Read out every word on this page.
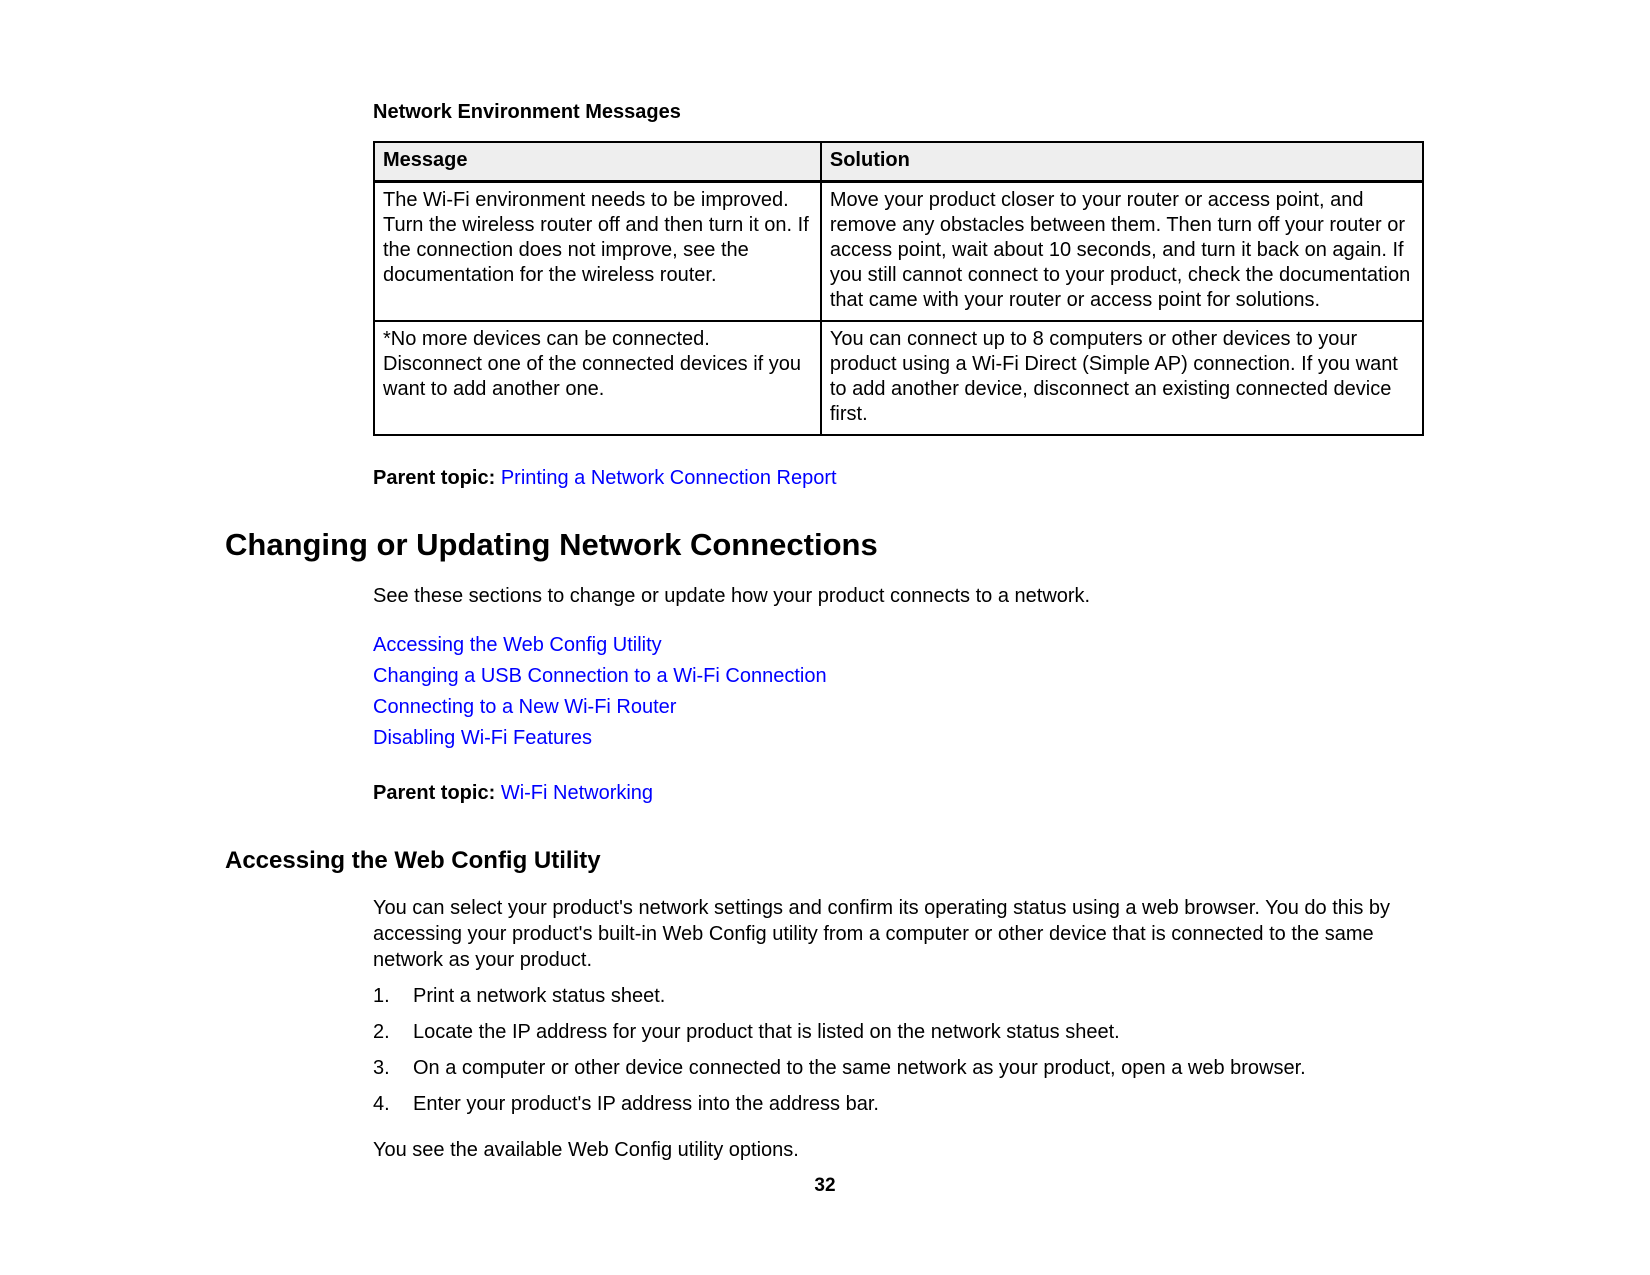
Network Environment Messages
Message	Solution
The Wi-Fi environment needs to be improved. Turn the wireless router off and then turn it on. If the connection does not improve, see the documentation for the wireless router.	Move your product closer to your router or access point, and remove any obstacles between them. Then turn off your router or access point, wait about 10 seconds, and turn it back on again. If you still cannot connect to your product, check the documentation that came with your router or access point for solutions.
*No more devices can be connected. Disconnect one of the connected devices if you want to add another one.	You can connect up to 8 computers or other devices to your product using a Wi-Fi Direct (Simple AP) connection. If you want to add another device, disconnect an existing connected device first.
Parent topic: Printing a Network Connection Report
Changing or Updating Network Connections

See these sections to change or update how your product connects to a network.

Accessing the Web Config Utility
Changing a USB Connection to a Wi-Fi Connection
Connecting to a New Wi-Fi Router
Disabling Wi-Fi Features
Parent topic: Wi-Fi Networking
Accessing the Web Config Utility

You can select your product's network settings and confirm its operating status using a web browser. You do this by accessing your product's built-in Web Config utility from a computer or other device that is connected to the same network as your product.

Print a network status sheet.
Locate the IP address for your product that is listed on the network status sheet.
On a computer or other device connected to the same network as your product, open a web browser.
Enter your product's IP address into the address bar.

You see the available Web Config utility options.

32
